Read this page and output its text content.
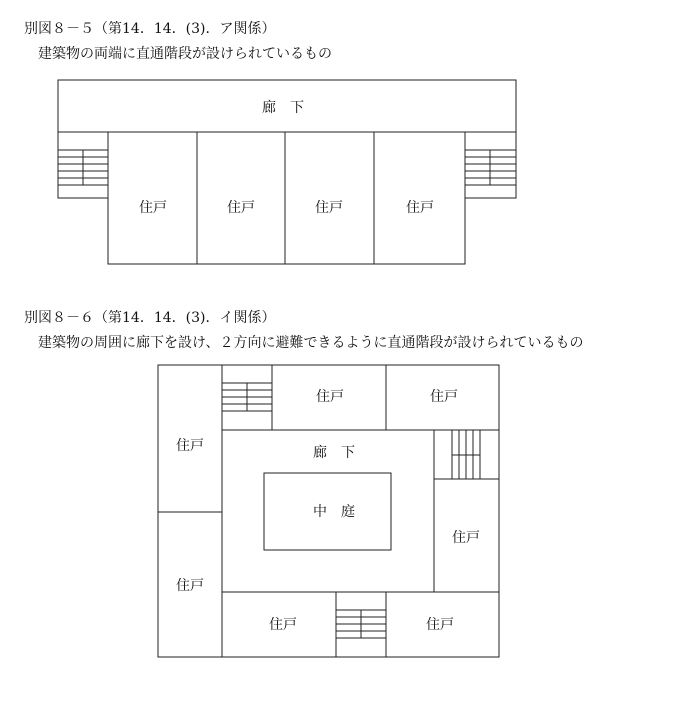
別図８－５（第14．14．(3)．ア関係）
建築物の両端に直通階段が設けられているもの
別図８－６（第14．14．(3)．イ関係）
建築物の周囲に廊下を設け、２方向に避難できるように直通階段が設けられているもの
廊　下
住戸	住戸	住戸	住戸
住戸
住戸
住戸	住戸
住戸
廊　下
中　庭
住戸	住戸
